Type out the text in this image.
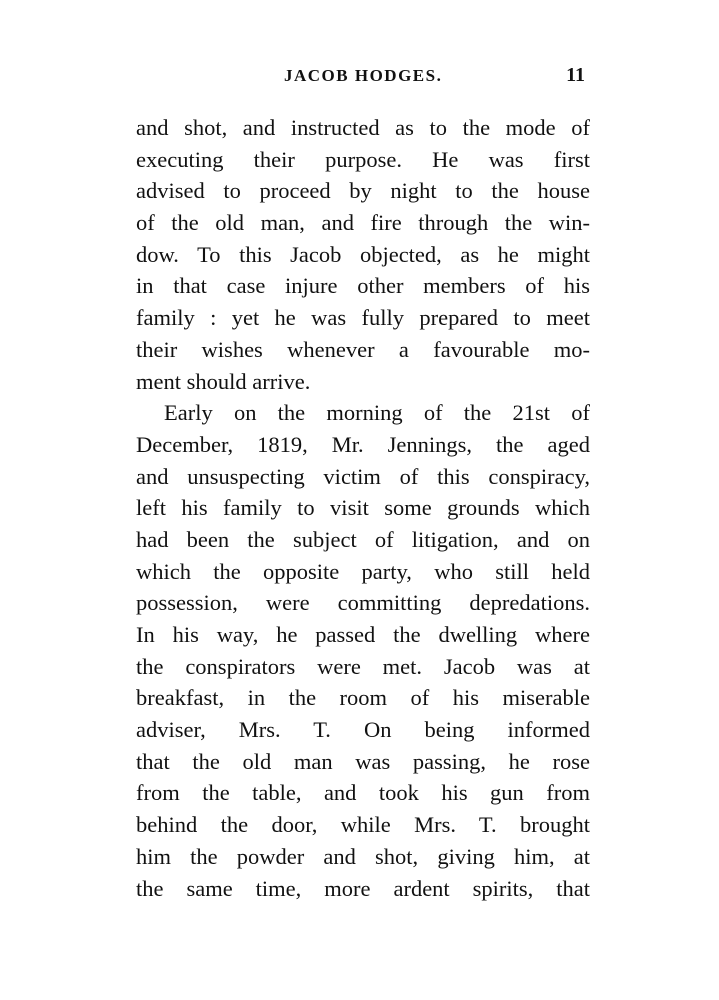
JACOB HODGES.	11
and shot, and instructed as to the mode of
executing their purpose. He was first
advised to proceed by night to the house
of the old man, and fire through the win-
dow. To this Jacob objected, as he might
in that case injure other members of his
family : yet he was fully prepared to meet
their wishes whenever a favourable mo-
ment should arrive.
Early on the morning of the 21st of
December, 1819, Mr. Jennings, the aged
and unsuspecting victim of this conspiracy,
left his family to visit some grounds which
had been the subject of litigation, and on
which the opposite party, who still held
possession, were committing depredations.
In his way, he passed the dwelling where
the conspirators were met. Jacob was at
breakfast, in the room of his miserable
adviser, Mrs. T. On being informed
that the old man was passing, he rose
from the table, and took his gun from
behind the door, while Mrs. T. brought
him the powder and shot, giving him, at
the same time, more ardent spirits, that
